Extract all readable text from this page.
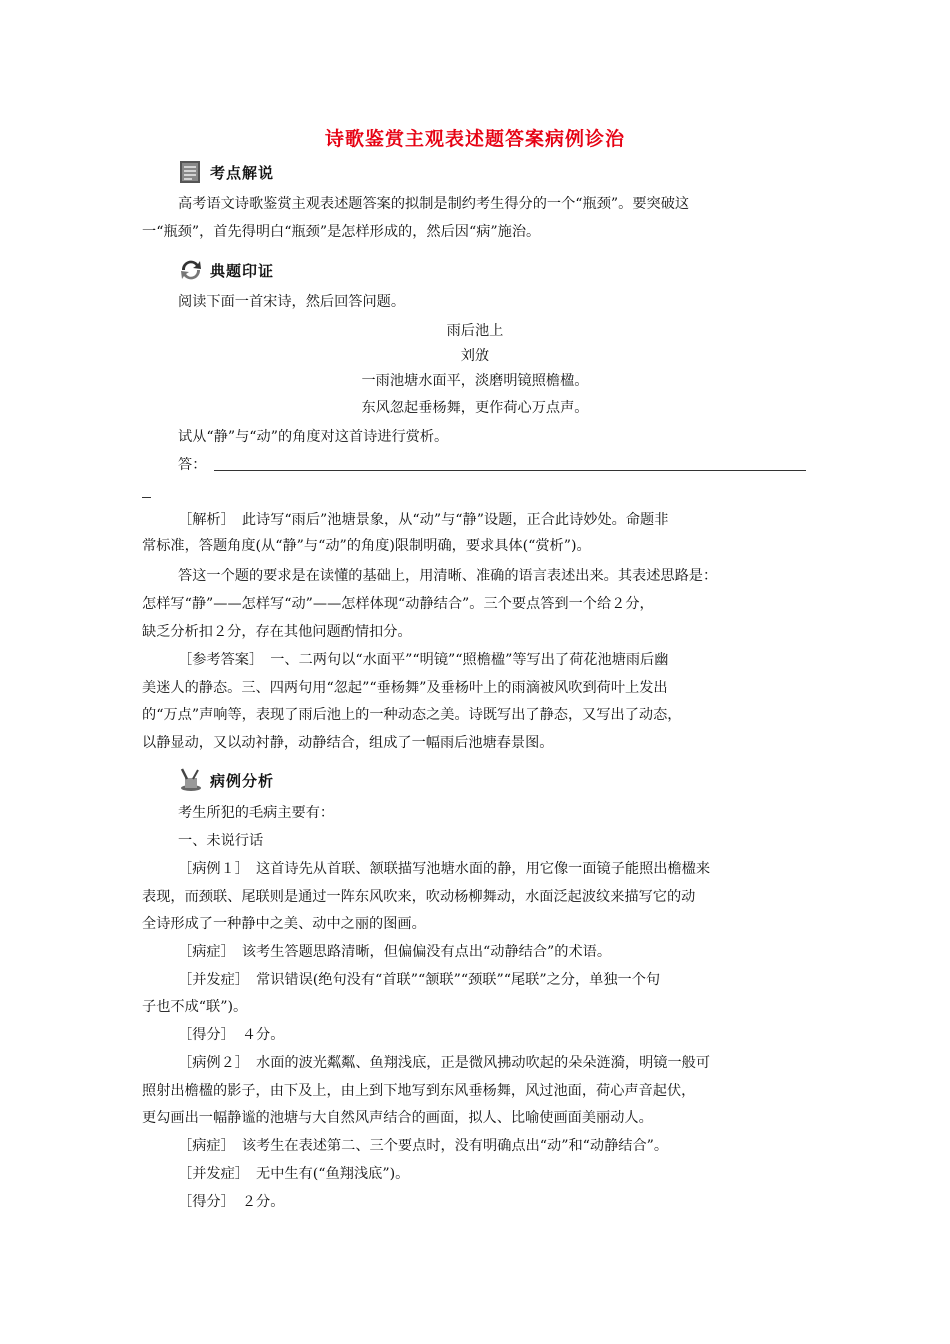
诗歌鉴赏主观表述题答案病例诊治
考点解说
高考语文诗歌鉴赏主观表述题答案的拟制是制约考生得分的一个“瓶颈”。要突破这
一“瓶颈”，首先得明白“瓶颈”是怎样形成的，然后因“病”施治。
典题印证
阅读下面一首宋诗，然后回答问题。
雨后池上
刘攽
一雨池塘水面平，淡磨明镜照檐楹。
东风忽起垂杨舞，更作荷心万点声。
试从“静”与“动”的角度对这首诗进行赏析。
答：
［解析］　此诗写“雨后”池塘景象，从“动”与“静”设题，正合此诗妙处。命题非
常标准，答题角度(从“静”与“动”的角度)限制明确，要求具体(“赏析”)。
答这一个题的要求是在读懂的基础上，用清晰、准确的语言表述出来。其表述思路是：
怎样写“静”——怎样写“动”——怎样体现“动静结合”。三个要点答到一个给２分，
缺乏分析扣２分，存在其他问题酌情扣分。
［参考答案］　一、二两句以“水面平”“明镜”“照檐楹”等写出了荷花池塘雨后幽
美迷人的静态。三、四两句用“忽起”“垂杨舞”及垂杨叶上的雨滴被风吹到荷叶上发出
的“万点”声响等，表现了雨后池上的一种动态之美。诗既写出了静态，又写出了动态，
以静显动，又以动衬静，动静结合，组成了一幅雨后池塘春景图。
病例分析
考生所犯的毛病主要有：
一、未说行话
［病例１］　这首诗先从首联、颔联描写池塘水面的静，用它像一面镜子能照出檐楹来
表现，而颈联、尾联则是通过一阵东风吹来，吹动杨柳舞动，水面泛起波纹来描写它的动
全诗形成了一种静中之美、动中之丽的图画。
［病症］　该考生答题思路清晰，但偏偏没有点出“动静结合”的术语。
［并发症］　常识错误(绝句没有“首联”“颔联”“颈联”“尾联”之分，单独一个句
子也不成“联”)。
［得分］　４分。
［病例２］　水面的波光粼粼、鱼翔浅底，正是微风拂动吹起的朵朵涟漪，明镜一般可
照射出檐楹的影子，由下及上，由上到下地写到东风垂杨舞，风过池面，荷心声音起伏，
更勾画出一幅静谧的池塘与大自然风声结合的画面，拟人、比喻使画面美丽动人。
［病症］　该考生在表述第二、三个要点时，没有明确点出“动”和“动静结合”。
［并发症］　无中生有(“鱼翔浅底”)。
［得分］　２分。
